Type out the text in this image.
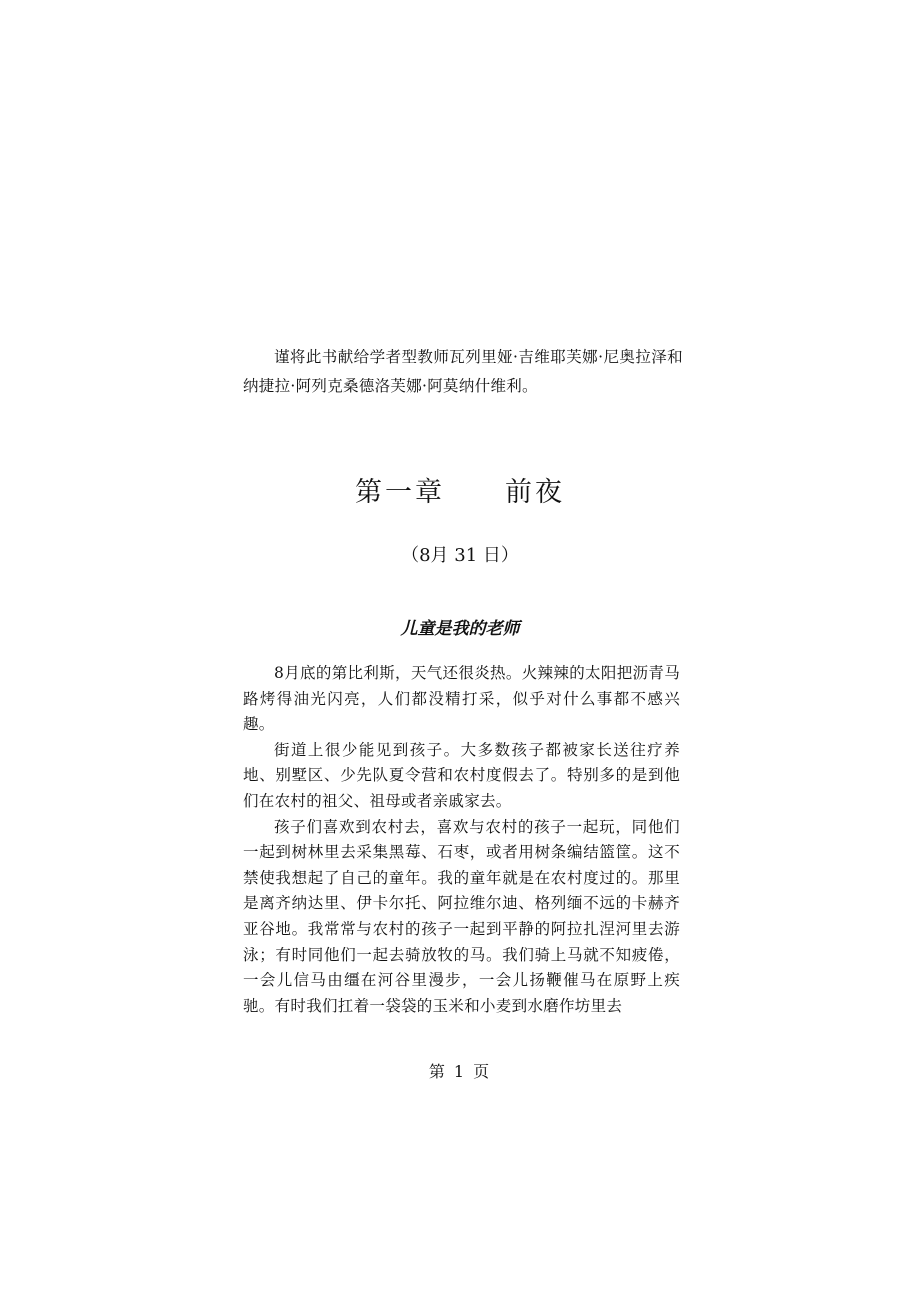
谨将此书献给学者型教师瓦列里娅·吉维耶芙娜·尼奥拉泽和纳捷拉·阿列克桑德洛芙娜·阿莫纳什维利。

第一章 前夜

（8月 31 日）

儿童是我的老师

8月底的第比利斯，天气还很炎热。火辣辣的太阳把沥青马路烤得油光闪亮，人们都没精打采，似乎对什么事都不感兴趣。

街道上很少能见到孩子。大多数孩子都被家长送往疗养地、别墅区、少先队夏令营和农村度假去了。特别多的是到他们在农村的祖父、祖母或者亲戚家去。

孩子们喜欢到农村去，喜欢与农村的孩子一起玩，同他们一起到树林里去采集黑莓、石枣，或者用树条编结篮筐。这不禁使我想起了自己的童年。我的童年就是在农村度过的。那里是离齐纳达里、伊卡尔托、阿拉维尔迪、格列缅不远的卡赫齐亚谷地。我常常与农村的孩子一起到平静的阿拉扎涅河里去游泳；有时同他们一起去骑放牧的马。我们骑上马就不知疲倦，一会儿信马由缰在河谷里漫步，一会儿扬鞭催马在原野上疾驰。有时我们扛着一袋袋的玉米和小麦到水磨作坊里去

第 1 页
